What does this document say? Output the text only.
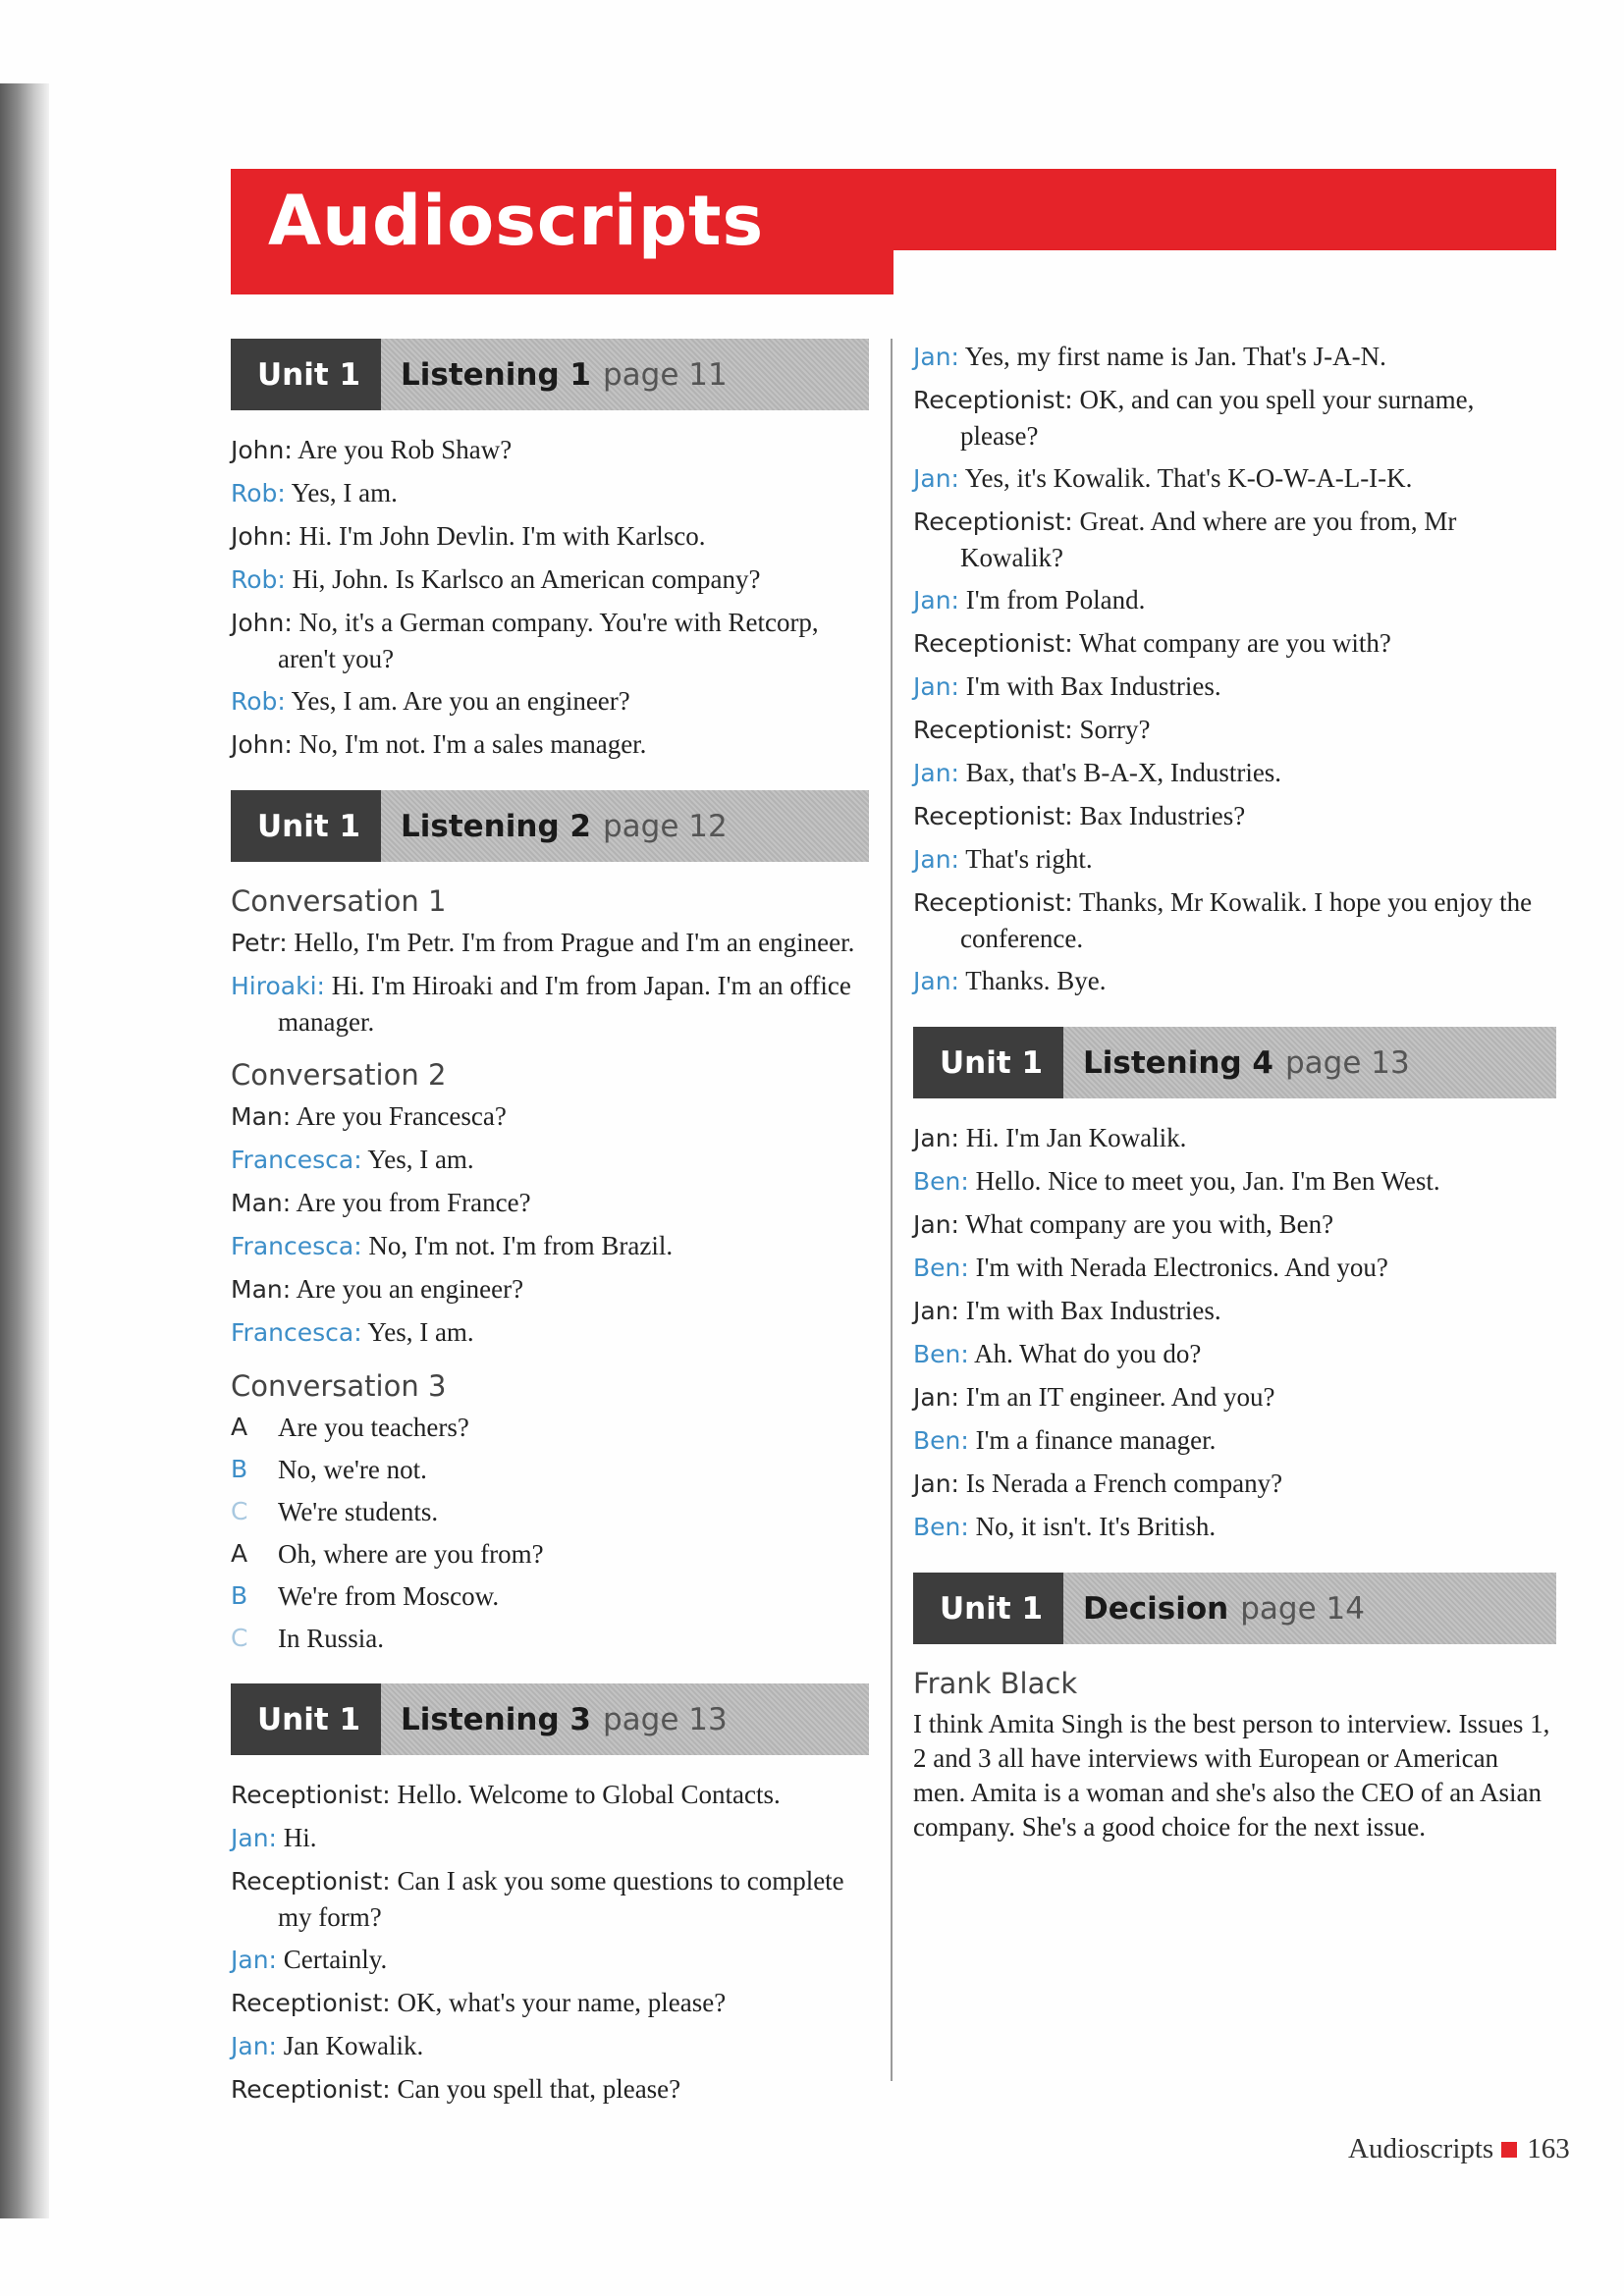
Audioscripts
Unit 1	Listening 1 page 11

John: Are you Rob Shaw?

Rob: Yes, I am.

John: Hi. I'm John Devlin. I'm with Karlsco.

Rob: Hi, John. Is Karlsco an American company?

John: No, it's a German company. You're with Retcorp, aren't you?

Rob: Yes, I am. Are you an engineer?

John: No, I'm not. I'm a sales manager.

Unit 1	Listening 2 page 12
Conversation 1

Petr: Hello, I'm Petr. I'm from Prague and I'm an engineer.

Hiroaki: Hi. I'm Hiroaki and I'm from Japan. I'm an office manager.

Conversation 2

Man: Are you Francesca?

Francesca: Yes, I am.

Man: Are you from France?

Francesca: No, I'm not. I'm from Brazil.

Man: Are you an engineer?

Francesca: Yes, I am.

Conversation 3
A	Are you teachers?
B	No, we're not.
C	We're students.
A	Oh, where are you from?
B	We're from Moscow.
C	In Russia.
Unit 1	Listening 3 page 13

Receptionist: Hello. Welcome to Global Contacts.

Jan: Hi.

Receptionist: Can I ask you some questions to complete my form?

Jan: Certainly.

Receptionist: OK, what's your name, please?

Jan: Jan Kowalik.

Receptionist: Can you spell that, please?

Jan: Yes, my first name is Jan. That's J-A-N.

Receptionist: OK, and can you spell your surname, please?

Jan: Yes, it's Kowalik. That's K-O-W-A-L-I-K.

Receptionist: Great. And where are you from, Mr Kowalik?

Jan: I'm from Poland.

Receptionist: What company are you with?

Jan: I'm with Bax Industries.

Receptionist: Sorry?

Jan: Bax, that's B-A-X, Industries.

Receptionist: Bax Industries?

Jan: That's right.

Receptionist: Thanks, Mr Kowalik. I hope you enjoy the conference.

Jan: Thanks. Bye.

Unit 1	Listening 4 page 13

Jan: Hi. I'm Jan Kowalik.

Ben: Hello. Nice to meet you, Jan. I'm Ben West.

Jan: What company are you with, Ben?

Ben: I'm with Nerada Electronics. And you?

Jan: I'm with Bax Industries.

Ben: Ah. What do you do?

Jan: I'm an IT engineer. And you?

Ben: I'm a finance manager.

Jan: Is Nerada a French company?

Ben: No, it isn't. It's British.

Unit 1	Decision page 14
Frank Black

I think Amita Singh is the best person to interview. Issues 1, 2 and 3 all have interviews with European or American men. Amita is a woman and she's also the CEO of an Asian company. She's a good choice for the next issue.

Audioscripts 163
